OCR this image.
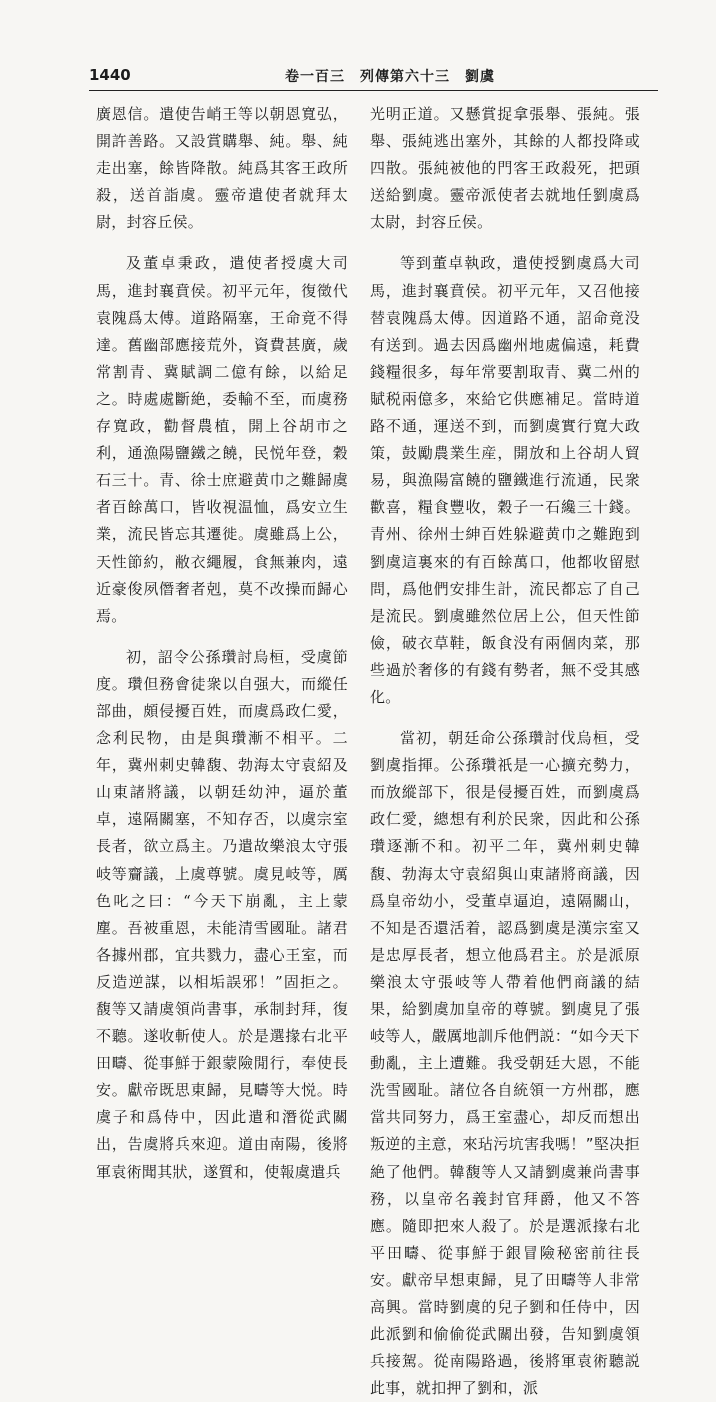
1440	卷一百三　列傳第六十三　劉虞

廣恩信。遣使告峭王等以朝恩寬弘，開許善路。又設賞購舉、純。舉、純走出塞，餘皆降散。純爲其客王政所殺，送首詣虞。靈帝遣使者就拜太尉，封容丘侯。

及董卓秉政，遣使者授虞大司馬，進封襄賁侯。初平元年，復徵代袁隗爲太傅。道路隔塞，王命竟不得達。舊幽部應接荒外，資費甚廣，歲常割青、冀賦調二億有餘，以給足之。時處處斷絶，委輸不至，而虞務存寬政，勸督農植，開上谷胡市之利，通漁陽鹽鐵之饒，民悦年登，穀石三十。青、徐士庶避黄巾之難歸虞者百餘萬口，皆收視温恤，爲安立生業，流民皆忘其遷徙。虞雖爲上公，天性節約，敝衣繩履，食無兼肉，遠近豪俊夙僭奢者剋，莫不改操而歸心焉。

初，詔令公孫瓚討烏桓，受虞節度。瓚但務會徒衆以自强大，而縱任部曲，頗侵擾百姓，而虞爲政仁愛，念利民物，由是與瓚漸不相平。二年，冀州刺史韓馥、勃海太守袁紹及山東諸將議，以朝廷幼沖，逼於董卓，遠隔關塞，不知存否，以虞宗室長者，欲立爲主。乃遣故樂浪太守張岐等齎議，上虞尊號。虞見岐等，厲色叱之曰：“今天下崩亂，主上蒙塵。吾被重恩，未能清雪國耻。諸君各據州郡，宜共戮力，盡心王室，而反造逆謀，以相垢誤邪！”固拒之。馥等又請虞領尚書事，承制封拜，復不聽。遂收斬使人。於是選掾右北平田疇、從事鮮于銀蒙險閒行，奉使長安。獻帝既思東歸，見疇等大悦。時虞子和爲侍中，因此遣和潛從武關出，告虞將兵來迎。道由南陽，後將軍袁術聞其狀，遂質和，使報虞遣兵

光明正道。又懸賞捉拿張舉、張純。張舉、張純逃出塞外，其餘的人都投降或四散。張純被他的門客王政殺死，把頭送給劉虞。靈帝派使者去就地任劉虞爲太尉，封容丘侯。

等到董卓執政，遣使授劉虞爲大司馬，進封襄賁侯。初平元年，又召他接替袁隗爲太傅。因道路不通，詔命竟没有送到。過去因爲幽州地處偏遠，耗費錢糧很多，每年常要割取青、冀二州的賦税兩億多，來給它供應補足。當時道路不通，運送不到，而劉虞實行寬大政策，鼓勵農業生産，開放和上谷胡人貿易，與漁陽富饒的鹽鐵進行流通，民衆歡喜，糧食豐收，穀子一石纔三十錢。青州、徐州士紳百姓躲避黄巾之難跑到劉虞這裏來的有百餘萬口，他都收留慰問，爲他們安排生計，流民都忘了自己是流民。劉虞雖然位居上公，但天性節儉，破衣草鞋，飯食没有兩個肉菜，那些過於奢侈的有錢有勢者，無不受其感化。

當初，朝廷命公孫瓚討伐烏桓，受劉虞指揮。公孫瓚祇是一心擴充勢力，而放縱部下，很是侵擾百姓，而劉虞爲政仁愛，總想有利於民衆，因此和公孫瓚逐漸不和。初平二年，冀州刺史韓馥、勃海太守袁紹與山東諸將商議，因爲皇帝幼小，受董卓逼迫，遠隔關山，不知是否還活着，認爲劉虞是漢宗室又是忠厚長者，想立他爲君主。於是派原樂浪太守張岐等人帶着他們商議的結果，給劉虞加皇帝的尊號。劉虞見了張岐等人，嚴厲地訓斥他們説：“如今天下動亂，主上遭難。我受朝廷大恩，不能洗雪國耻。諸位各自統領一方州郡，應當共同努力，爲王室盡心，却反而想出叛逆的主意，來玷污坑害我嗎！”堅决拒絶了他們。韓馥等人又請劉虞兼尚書事務，以皇帝名義封官拜爵，他又不答應。隨即把來人殺了。於是選派掾右北平田疇、從事鮮于銀冒險秘密前往長安。獻帝早想東歸，見了田疇等人非常高興。當時劉虞的兒子劉和任侍中，因此派劉和偷偷從武關出發，告知劉虞領兵接駕。從南陽路過，後將軍袁術聽説此事，就扣押了劉和，派
